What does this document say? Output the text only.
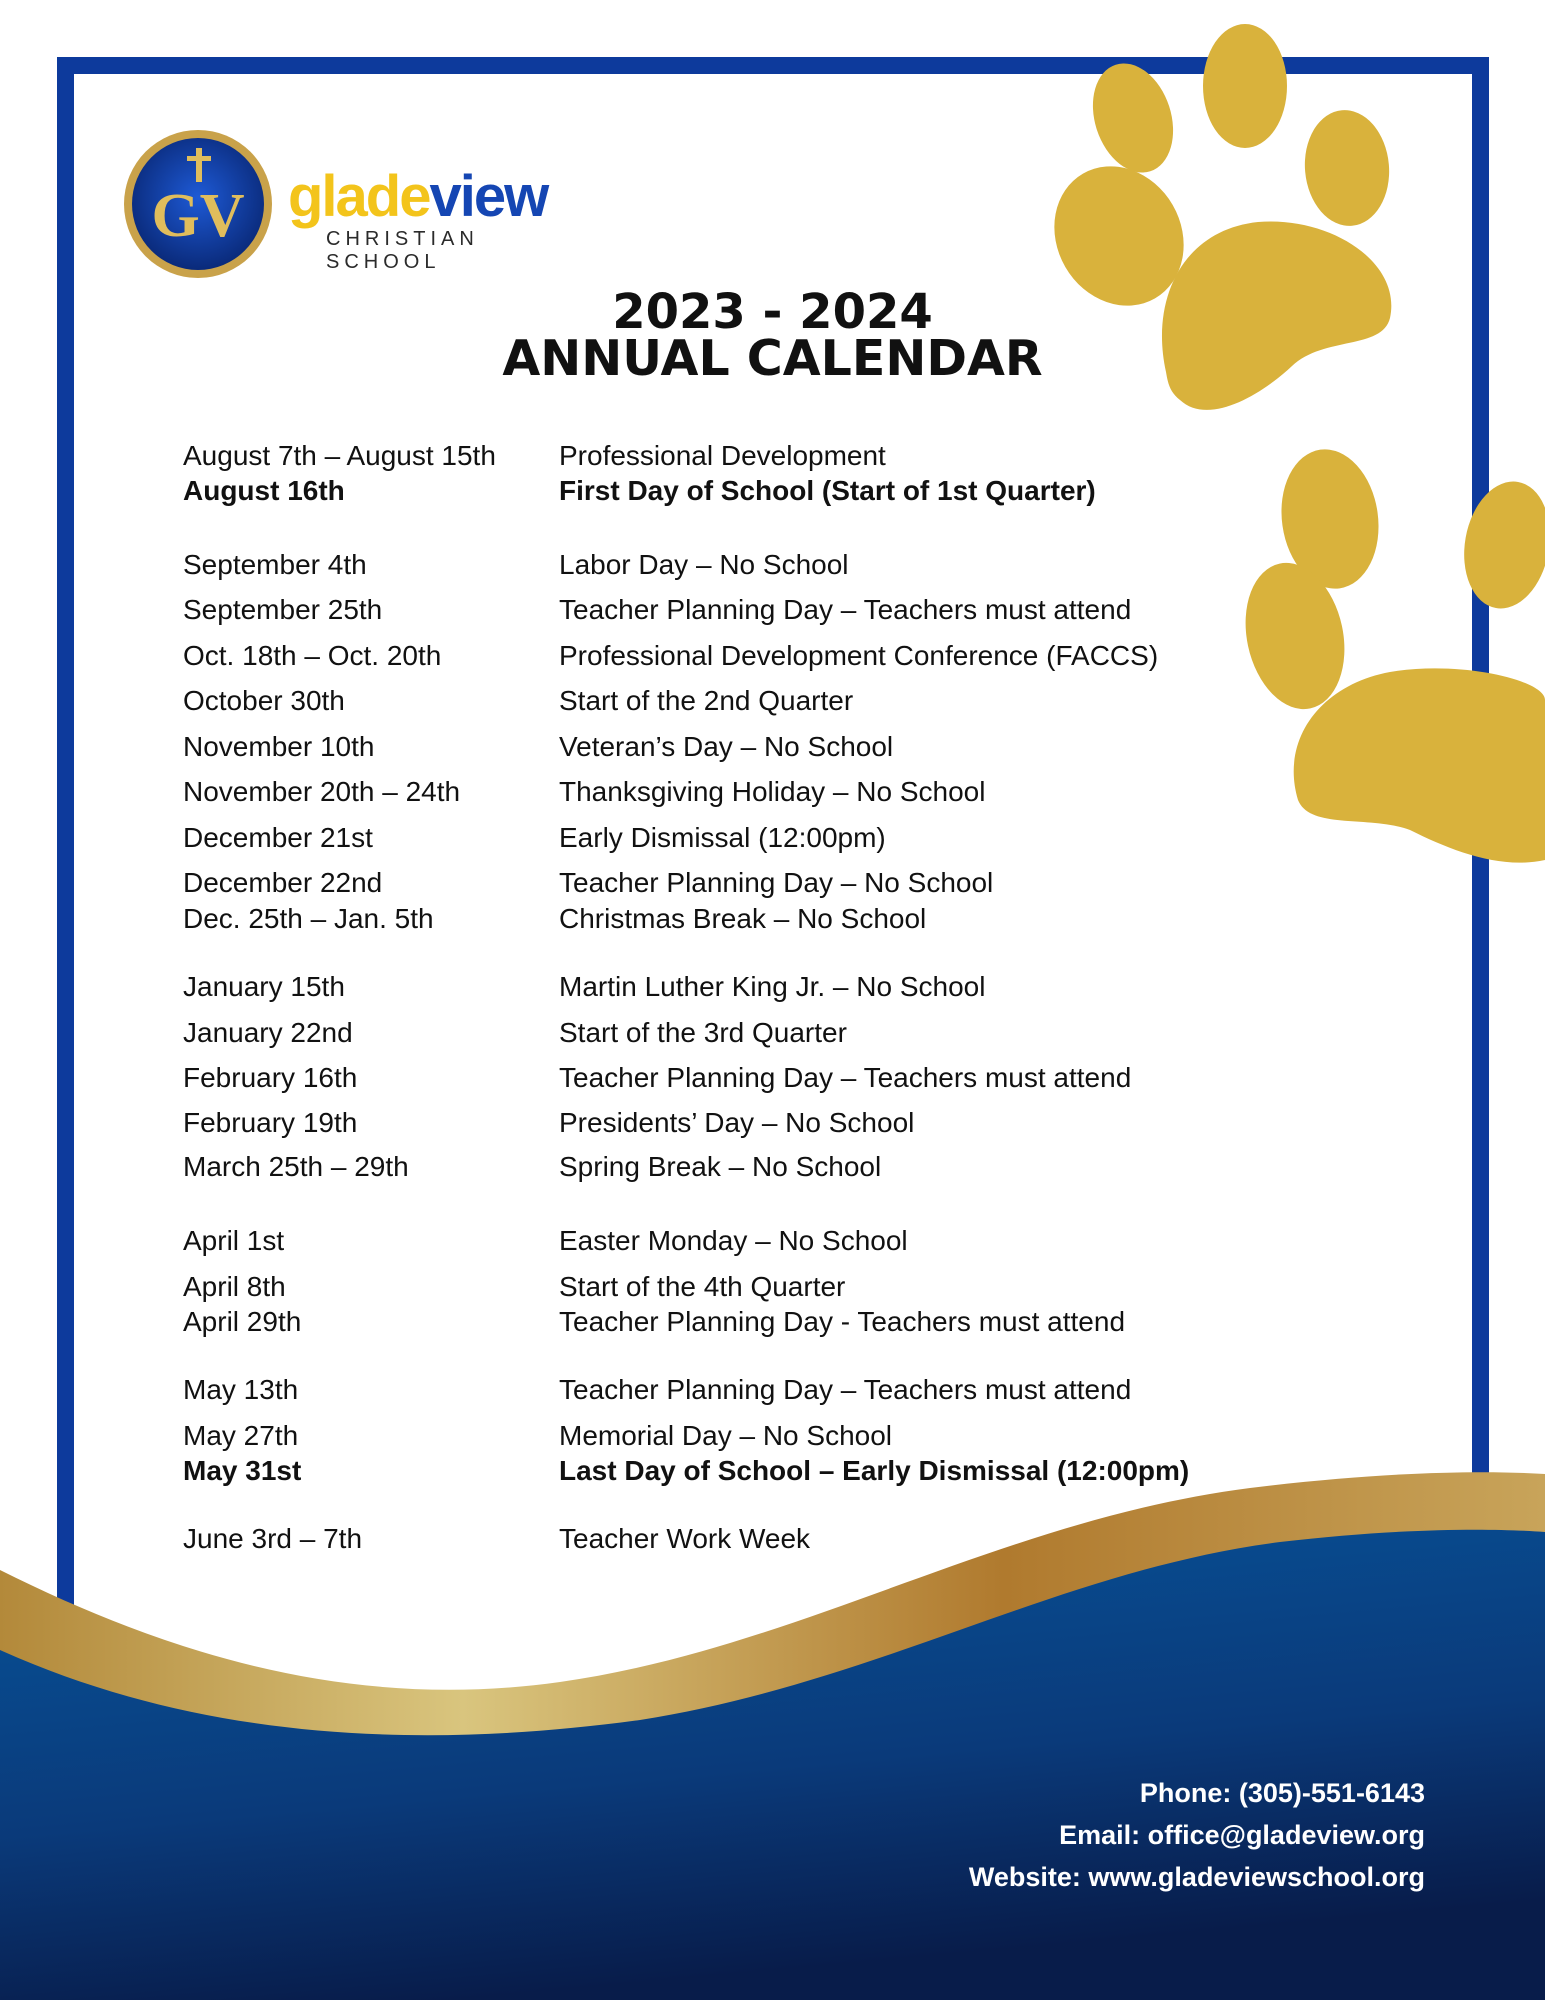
GV gladeview
CHRISTIAN SCHOOL
2023 - 2024
ANNUAL CALENDAR
August 7th – August 15th Professional Development
August 16th	First Day of School (Start of 1st Quarter)
September 4th	Labor Day – No School
September 25th	Teacher Planning Day – Teachers must attend
Oct. 18th – Oct. 20th	Professional Development Conference (FACCS)
October 30th	Start of the 2nd Quarter
November 10th	Veteran’s Day – No School
November 20th – 24th	Thanksgiving Holiday – No School
December 21st	Early Dismissal (12:00pm)
December 22nd	Teacher Planning Day – No School
Dec. 25th – Jan. 5th	Christmas Break – No School
January 15th	Martin Luther King Jr. – No School
January 22nd	Start of the 3rd Quarter
February 16th	Teacher Planning Day – Teachers must attend
February 19th	Presidents’ Day – No School
March 25th – 29th	Spring Break – No School
April 1st	Easter Monday – No School
April 8th	Start of the 4th Quarter
April 29th	Teacher Planning Day - Teachers must attend
May 13th	Teacher Planning Day – Teachers must attend
May 27th	Memorial Day – No School
May 31st	Last Day of School – Early Dismissal (12:00pm)
June 3rd – 7th	Teacher Work Week
Phone: (305)-551-6143
Email: office@gladeview.org
Website: www.gladeviewschool.org
